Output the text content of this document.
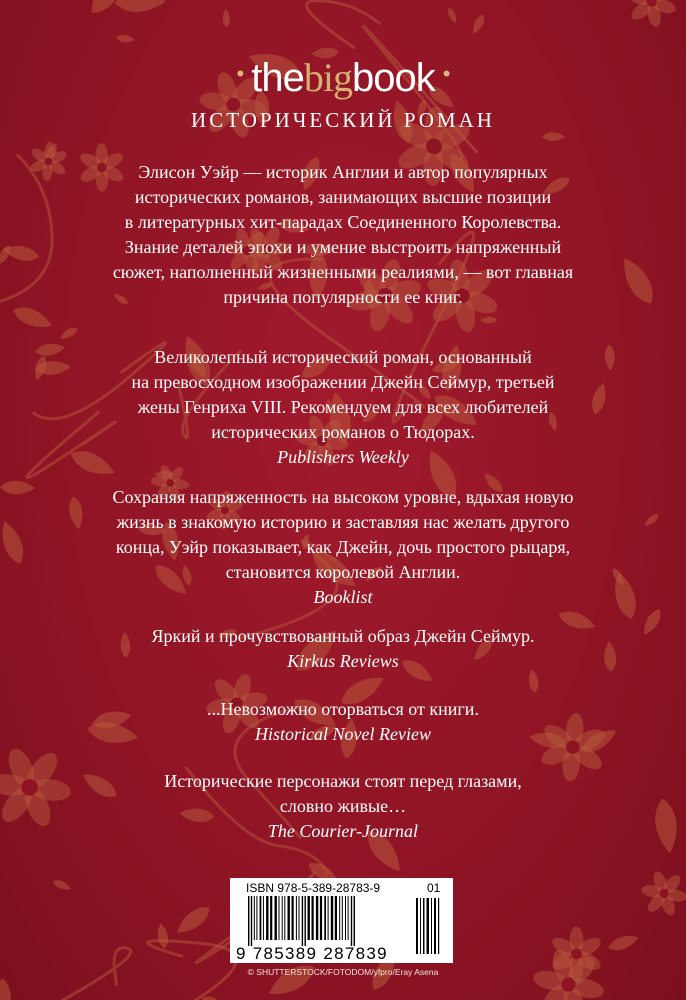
• thebigbook •
ИСТОРИЧЕСКИЙ РОМАН
Элисон Уэйр — историк Англии и автор популярных
исторических романов, занимающих высшие позиции
в литературных хит-парадах Соединенного Королевства.
Знание деталей эпохи и умение выстроить напряженный
сюжет, наполненный жизненными реалиями, — вот главная
причина популярности ее книг.
Великолепный исторический роман, основанный
на превосходном изображении Джейн Сеймур, третьей
жены Генриха VIII. Рекомендуем для всех любителей
исторических романов о Тюдорах.
Publishers Weekly
Сохраняя напряженность на высоком уровне, вдыхая новую
жизнь в знакомую историю и заставляя нас желать другого
конца, Уэйр показывает, как Джейн, дочь простого рыцаря,
становится королевой Англии.
Booklist
Яркий и прочувствованный образ Джейн Сеймур.
Kirkus Reviews
...Невозможно оторваться от книги.
Historical Novel Review
Исторические персонажи стоят перед глазами,
словно живые…
The Courier-Journal
ISBN 978-5-389-28783-9	01
9 785389 287839
© SHUTTERSTOCK/FOTODOM/yfpro/Eray Asena
